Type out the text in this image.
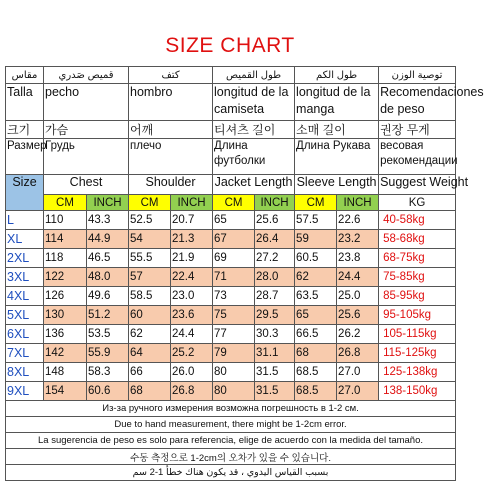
SIZE CHART
مقاس	قميص صَدري		كتف		طول القميص		طول الكم		توصية الوزن
Talla	pecho		hombro		longitud de la camiseta		longitud de la manga		Recomendaciones de peso
크기	가슴		어깨		티셔츠 길이		소매 길이		권장 무게
Размер	Грудь		плечо		Длина футболки		Длина Рукава		весовая рекомендации
Size	Chest		Shoulder		Jacket Length		Sleeve Length		Suggest Weight
	CM	INCH	CM	INCH	CM	INCH	CM	INCH	KG
L	110	43.3	52.5	20.7	65	25.6	57.5	22.6	40-58kg
XL	114	44.9	54	21.3	67	26.4	59	23.2	58-68kg
2XL	118	46.5	55.5	21.9	69	27.2	60.5	23.8	68-75kg
3XL	122	48.0	57	22.4	71	28.0	62	24.4	75-85kg
4XL	126	49.6	58.5	23.0	73	28.7	63.5	25.0	85-95kg
5XL	130	51.2	60	23.6	75	29.5	65	25.6	95-105kg
6XL	136	53.5	62	24.4	77	30.3	66.5	26.2	105-115kg
7XL	142	55.9	64	25.2	79	31.1	68	26.8	115-125kg
8XL	148	58.3	66	26.0	80	31.5	68.5	27.0	125-138kg
9XL	154	60.6	68	26.8	80	31.5	68.5	27.0	138-150kg
Из-за ручного измерения возможна погрешность в 1-2 см.									
Due to hand measurement, there might be 1-2cm error.									
La sugerencia de peso es solo para referencia, elige de acuerdo con la medida del tamaño.									
수동 측정으로 1-2cm의 오차가 있을 수 있습니다.									
بسبب القياس اليدوي ، قد يكون هناك خطأ 1-2 سم									
